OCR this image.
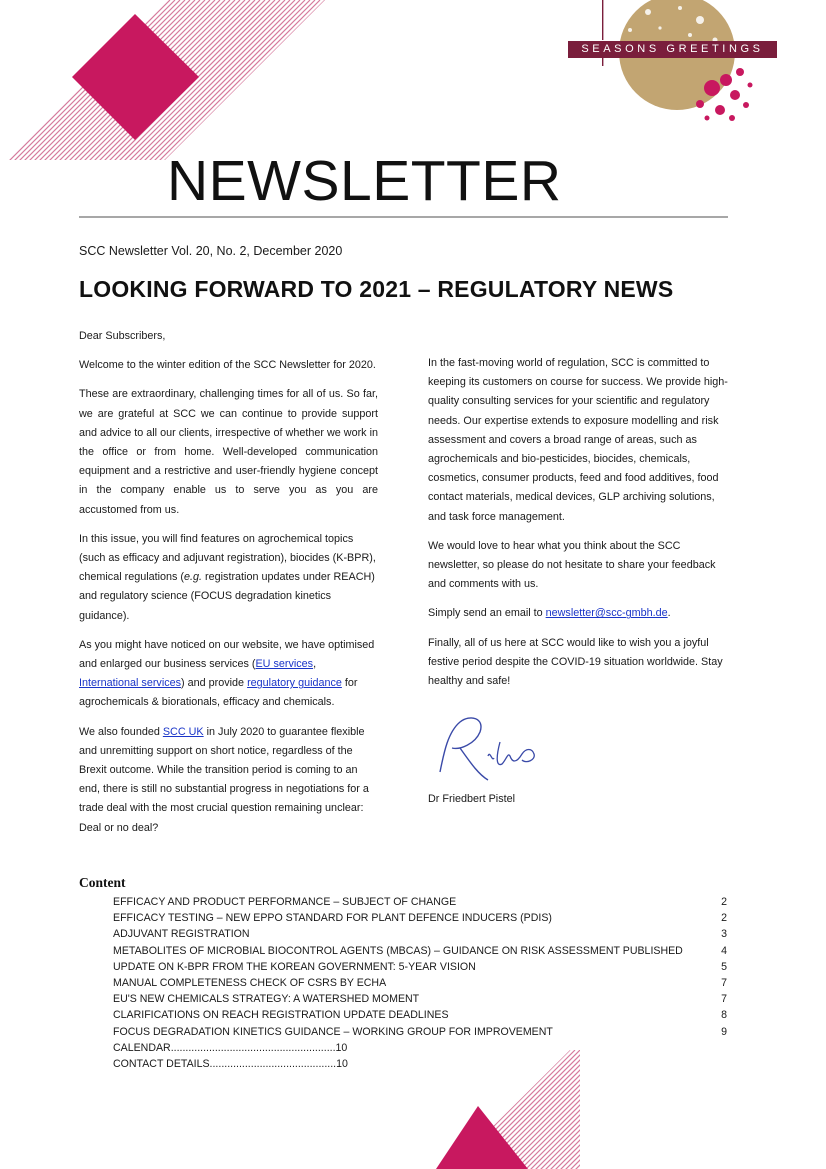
SEASONS GREETINGS
NEWSLETTER
SCC Newsletter Vol. 20, No. 2, December 2020
LOOKING FORWARD TO 2021 – REGULATORY NEWS

Dear Subscribers,

Welcome to the winter edition of the SCC Newsletter for 2020.

These are extraordinary, challenging times for all of us. So far, we are grateful at SCC we can continue to provide support and advice to all our clients, irrespective of whether we work in the office or from home. Well-developed communication equipment and a restrictive and user-friendly hygiene concept in the company enable us to serve you as you are accustomed from us.

In this issue, you will find features on agrochemical topics (such as efficacy and adjuvant registration), biocides (K-BPR), chemical regulations (e.g. registration updates under REACH) and regulatory science (FOCUS degradation kinetics guidance).

As you might have noticed on our website, we have optimised and enlarged our business services (EU services, International services) and provide regulatory guidance for agrochemicals & biorationals, efficacy and chemicals.

We also founded SCC UK in July 2020 to guarantee flexible and unremitting support on short notice, regardless of the Brexit outcome. While the transition period is coming to an end, there is still no substantial progress in negotiations for a trade deal with the most crucial question remaining unclear: Deal or no deal?

In the fast-moving world of regulation, SCC is committed to keeping its customers on course for success. We provide high-quality consulting services for your scientific and regulatory needs. Our expertise extends to exposure modelling and risk assessment and covers a broad range of areas, such as agrochemicals and bio-pesticides, biocides, chemicals, cosmetics, consumer products, feed and food additives, food contact materials, medical devices, GLP archiving solutions, and task force management.

We would love to hear what you think about the SCC newsletter, so please do not hesitate to share your feedback and comments with us.

Simply send an email to newsletter@scc-gmbh.de.

Finally, all of us here at SCC would like to wish you a joyful festive period despite the COVID-19 situation worldwide. Stay healthy and safe!

Dr Friedbert Pistel
Content
EFFICACY AND PRODUCT PERFORMANCE – SUBJECT OF CHANGE	2
EFFICACY TESTING – NEW EPPO STANDARD FOR PLANT DEFENCE INDUCERS (PDIS)	2
ADJUVANT REGISTRATION	3
METABOLITES OF MICROBIAL BIOCONTROL AGENTS (MBCAS) – GUIDANCE ON RISK ASSESSMENT PUBLISHED	4
UPDATE ON K-BPR FROM THE KOREAN GOVERNMENT: 5-YEAR VISION	5
MANUAL COMPLETENESS CHECK OF CSRS BY ECHA	7
EU'S NEW CHEMICALS STRATEGY: A WATERSHED MOMENT	7
CLARIFICATIONS ON REACH REGISTRATION UPDATE DEADLINES	8
FOCUS DEGRADATION KINETICS GUIDANCE – WORKING GROUP FOR IMPROVEMENT	9
CALENDAR........................................................10
CONTACT DETAILS...........................................10
